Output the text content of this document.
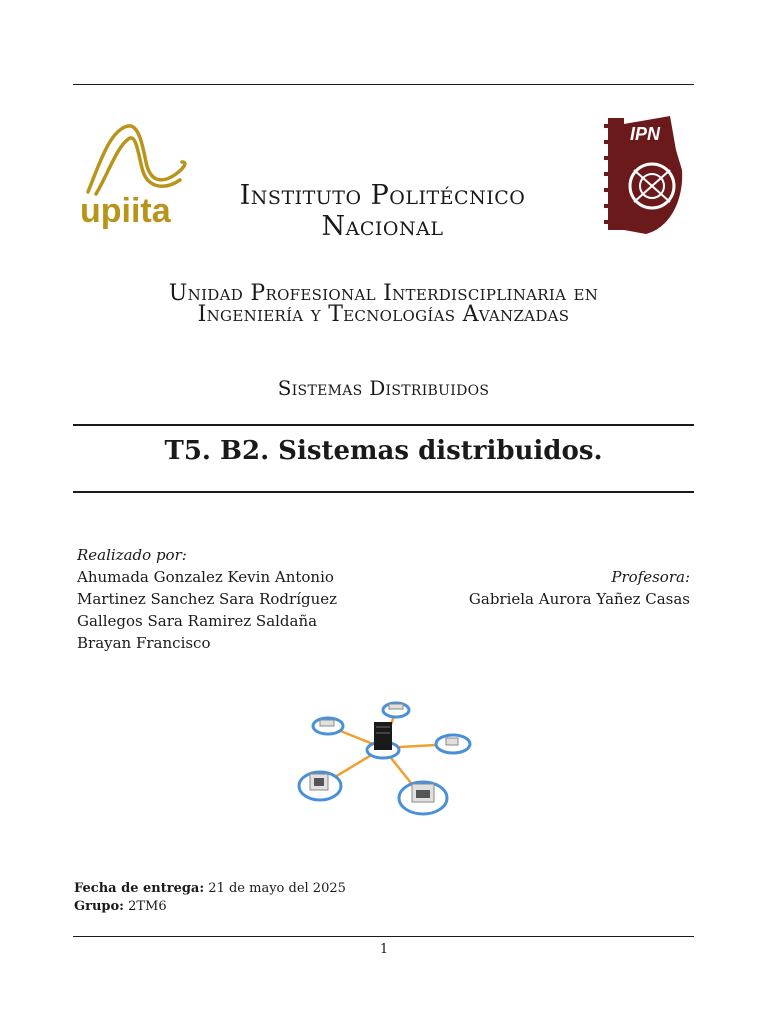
upiita
IPN
Instituto Politécnico
Nacional
Unidad Profesional Interdisciplinaria en
Ingeniería y Tecnologías Avanzadas
Sistemas Distribuidos
T5. B2. Sistemas distribuidos.
Realizado por:
Ahumada Gonzalez Kevin Antonio
Martinez Sanchez Sara Rodríguez
Gallegos Sara Ramirez Saldaña
Brayan Francisco
Profesora:
Gabriela Aurora Yañez Casas
Fecha de entrega: 21 de mayo del 2025
Grupo: 2TM6
1
